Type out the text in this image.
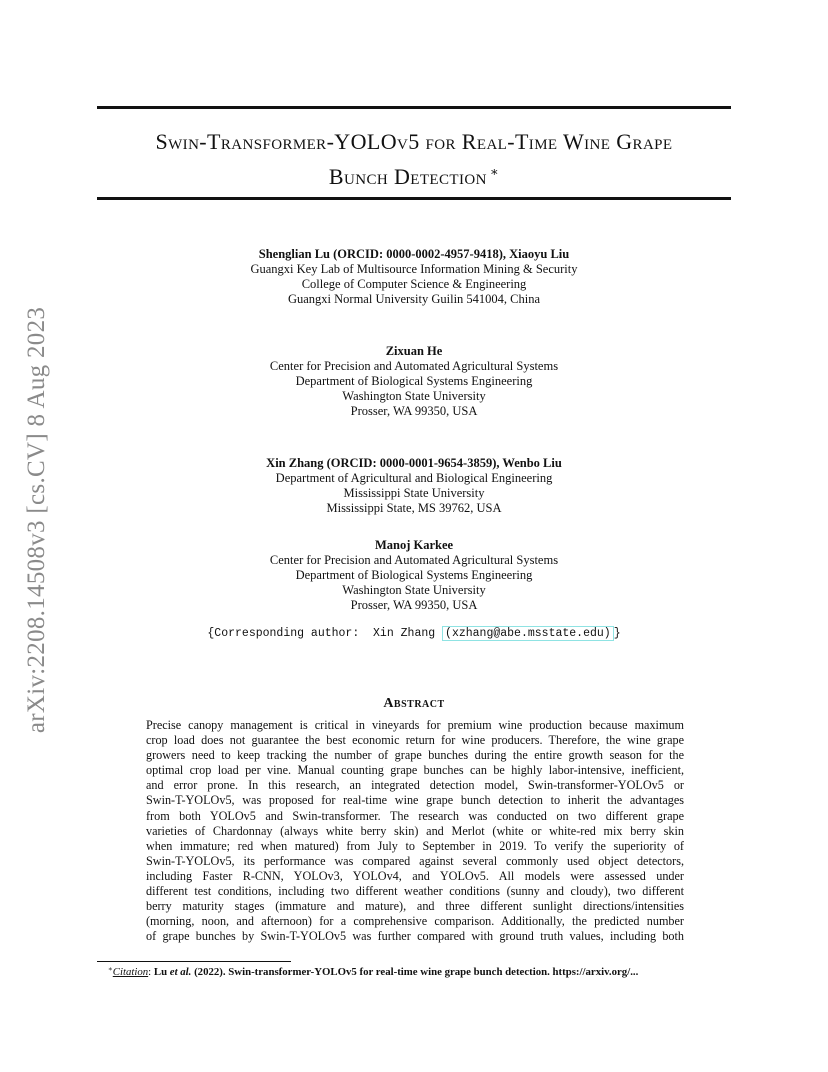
Swin-Transformer-YOLOv5 for Real-Time Wine Grape
Bunch Detection ∗
arXiv:2208.14508v3 [cs.CV] 8 Aug 2023
Shenglian Lu (ORCID: 0000-0002-4957-9418), Xiaoyu Liu
Guangxi Key Lab of Multisource Information Mining & Security
College of Computer Science & Engineering
Guangxi Normal University Guilin 541004, China
Zixuan He
Center for Precision and Automated Agricultural Systems
Department of Biological Systems Engineering
Washington State University
Prosser, WA 99350, USA
Xin Zhang (ORCID: 0000-0001-9654-3859), Wenbo Liu
Department of Agricultural and Biological Engineering
Mississippi State University
Mississippi State, MS 39762, USA
Manoj Karkee
Center for Precision and Automated Agricultural Systems
Department of Biological Systems Engineering
Washington State University
Prosser, WA 99350, USA
{Corresponding author:  Xin Zhang (xzhang@abe.msstate.edu) }
Abstract
Precise canopy management is critical in vineyards for premium wine production because maximum
crop load does not guarantee the best economic return for wine producers. Therefore, the wine grape
growers need to keep tracking the number of grape bunches during the entire growth season for the
optimal crop load per vine. Manual counting grape bunches can be highly labor-intensive, inefficient,
and error prone. In this research, an integrated detection model, Swin-transformer-YOLOv5 or
Swin-T-YOLOv5, was proposed for real-time wine grape bunch detection to inherit the advantages
from both YOLOv5 and Swin-transformer. The research was conducted on two different grape
varieties of Chardonnay (always white berry skin) and Merlot (white or white-red mix berry skin
when immature; red when matured) from July to September in 2019. To verify the superiority of
Swin-T-YOLOv5, its performance was compared against several commonly used object detectors,
including Faster R-CNN, YOLOv3, YOLOv4, and YOLOv5. All models were assessed under
different test conditions, including two different weather conditions (sunny and cloudy), two different
berry maturity stages (immature and mature), and three different sunlight directions/intensities
(morning, noon, and afternoon) for a comprehensive comparison. Additionally, the predicted number
of grape bunches by Swin-T-YOLOv5 was further compared with ground truth values, including both
∗Citation: Lu et al. (2022). Swin-transformer-YOLOv5 for real-time wine grape bunch detection. https://arxiv.org/...
